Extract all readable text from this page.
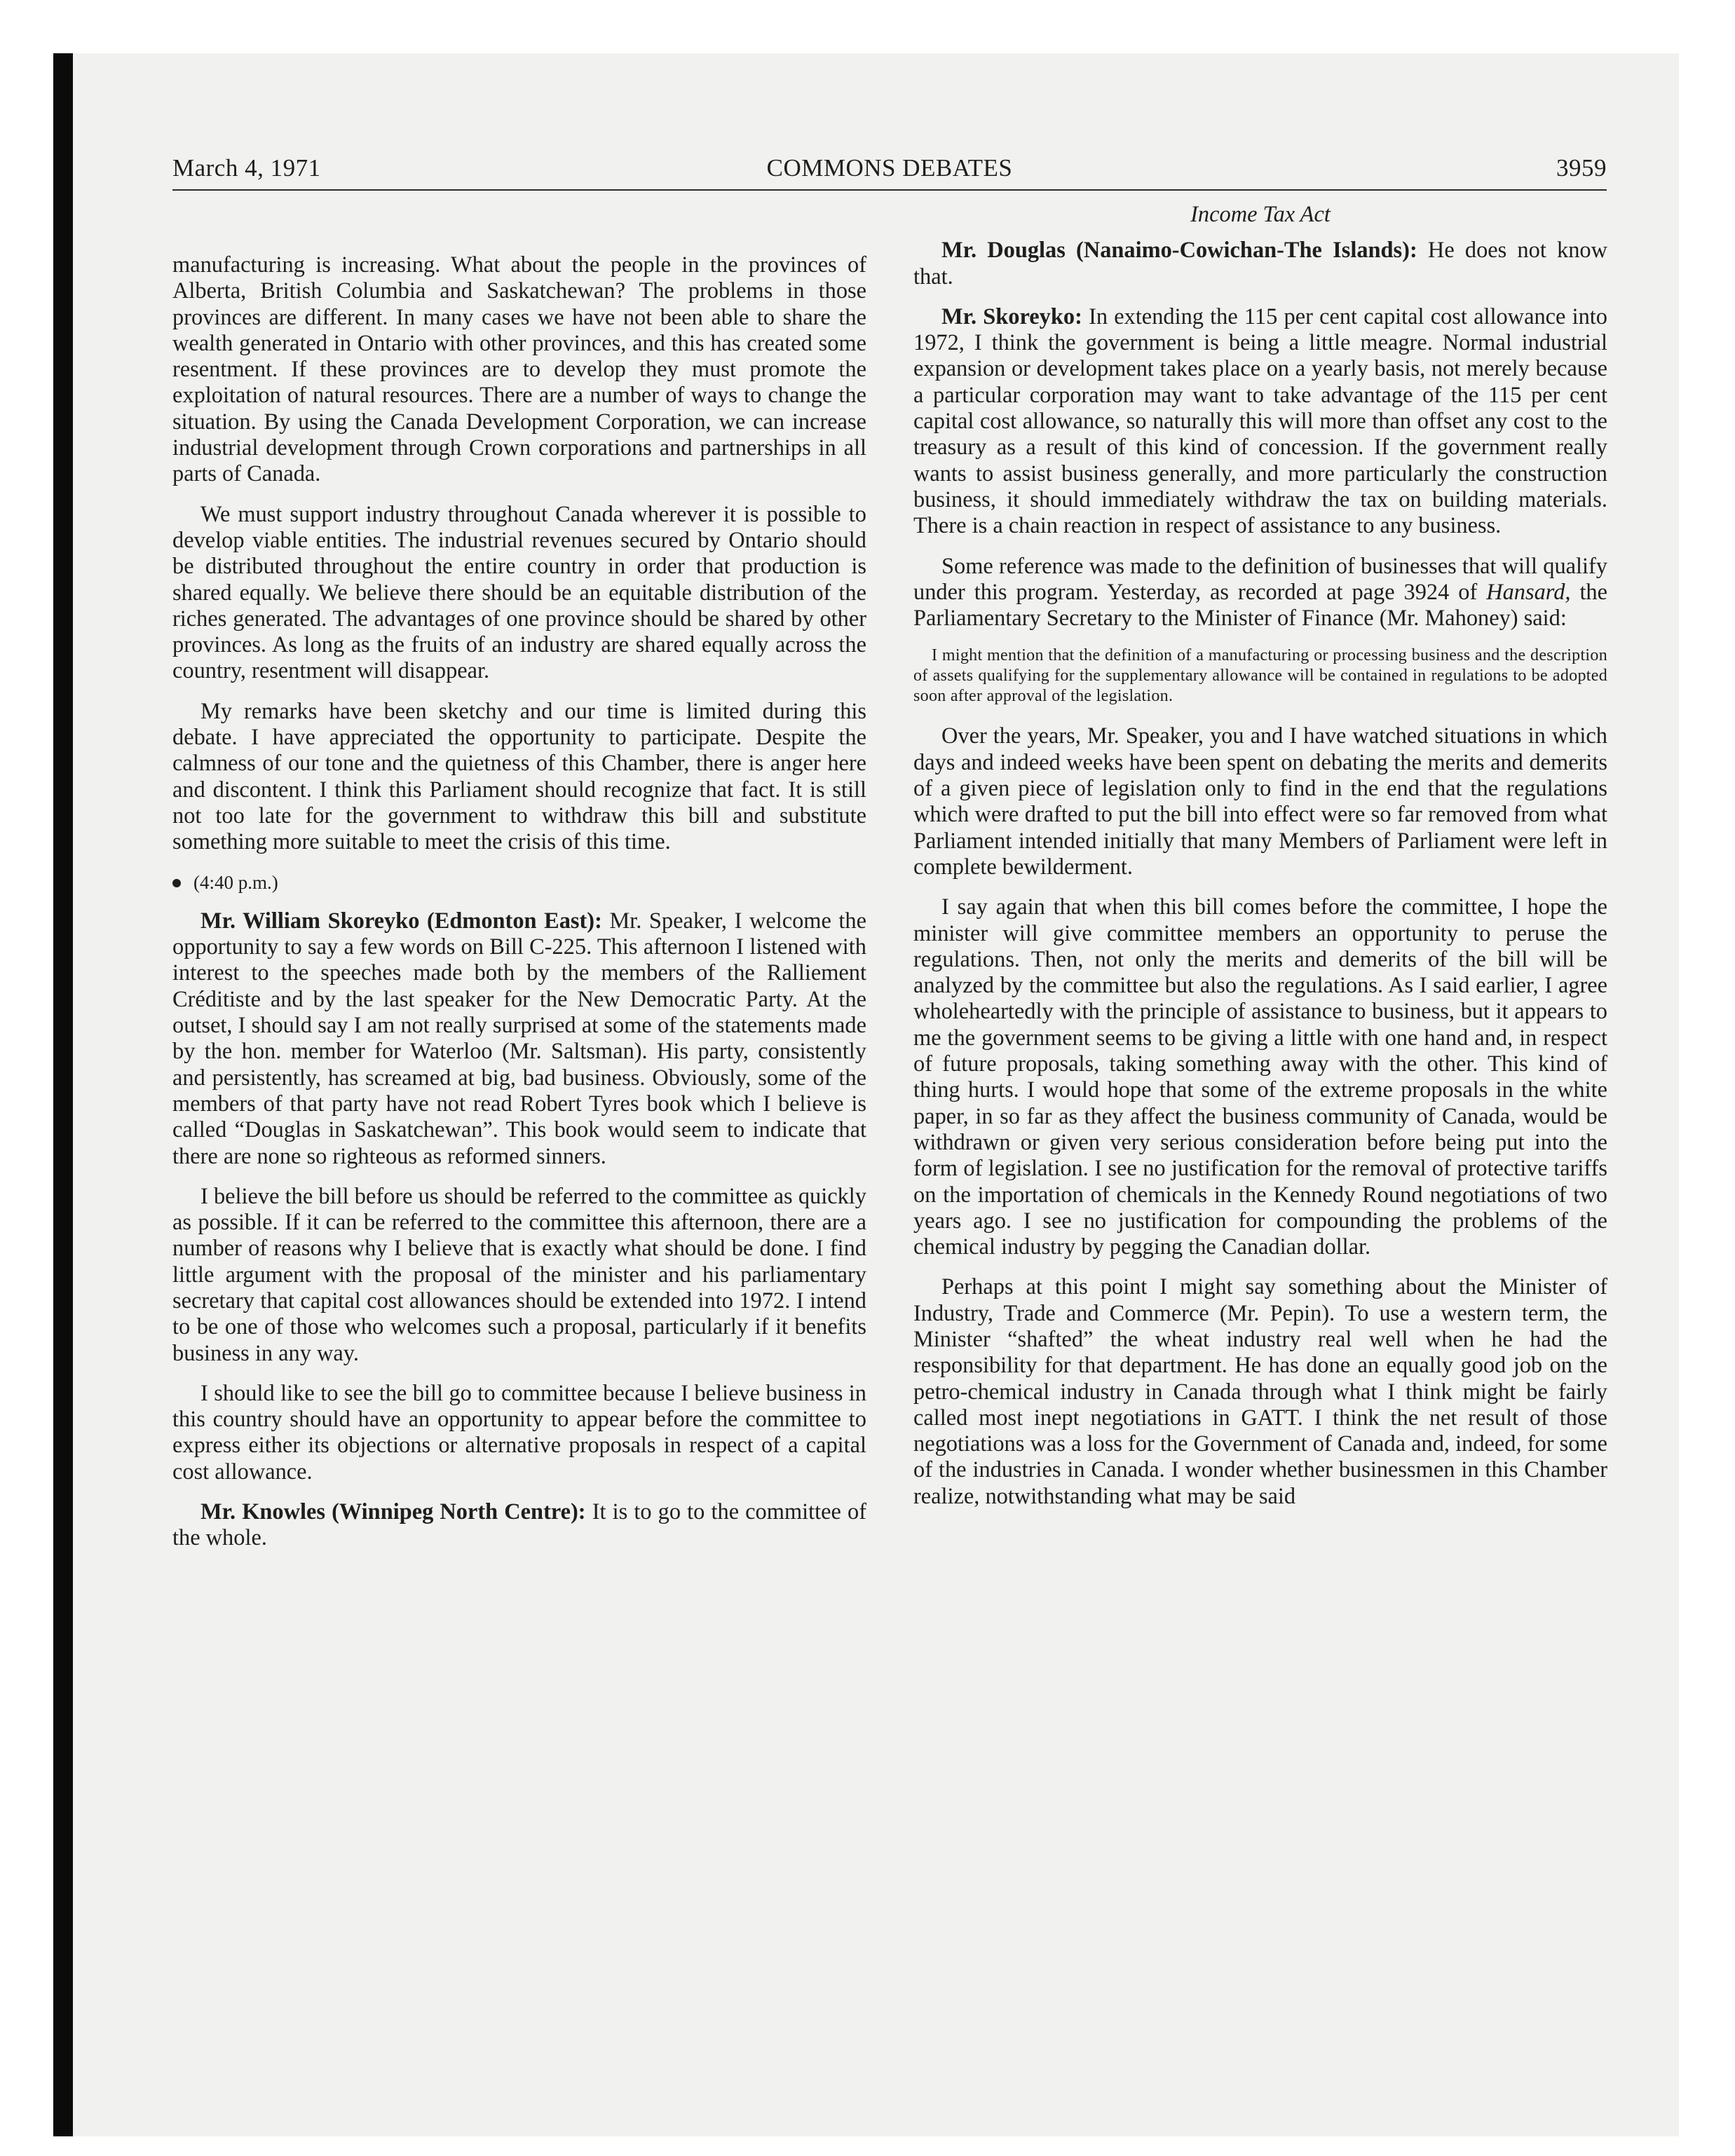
March 4, 1971	COMMONS DEBATES	3959

manufacturing is increasing. What about the people in the provinces of Alberta, British Columbia and Saskatchewan? The problems in those provinces are different. In many cases we have not been able to share the wealth generated in Ontario with other provinces, and this has created some resentment. If these provinces are to develop they must promote the exploitation of natural resources. There are a number of ways to change the situation. By using the Canada Development Corporation, we can increase industrial development through Crown corporations and partnerships in all parts of Canada.

We must support industry throughout Canada wherever it is possible to develop viable entities. The industrial revenues secured by Ontario should be distributed throughout the entire country in order that production is shared equally. We believe there should be an equitable distribution of the riches generated. The advantages of one province should be shared by other provinces. As long as the fruits of an industry are shared equally across the country, resentment will disappear.

My remarks have been sketchy and our time is limited during this debate. I have appreciated the opportunity to participate. Despite the calmness of our tone and the quietness of this Chamber, there is anger here and discontent. I think this Parliament should recognize that fact. It is still not too late for the government to withdraw this bill and substitute something more suitable to meet the crisis of this time.

(4:40 p.m.)

Mr. William Skoreyko (Edmonton East): Mr. Speaker, I welcome the opportunity to say a few words on Bill C-225. This afternoon I listened with interest to the speeches made both by the members of the Ralliement Créditiste and by the last speaker for the New Democratic Party. At the outset, I should say I am not really surprised at some of the statements made by the hon. member for Waterloo (Mr. Saltsman). His party, consistently and persistently, has screamed at big, bad business. Obviously, some of the members of that party have not read Robert Tyres book which I believe is called “Douglas in Saskatchewan”. This book would seem to indicate that there are none so righteous as reformed sinners.

I believe the bill before us should be referred to the committee as quickly as possible. If it can be referred to the committee this afternoon, there are a number of reasons why I believe that is exactly what should be done. I find little argument with the proposal of the minister and his parliamentary secretary that capital cost allowances should be extended into 1972. I intend to be one of those who welcomes such a proposal, particularly if it benefits business in any way.

I should like to see the bill go to committee because I believe business in this country should have an opportunity to appear before the committee to express either its objections or alternative proposals in respect of a capital cost allowance.

Mr. Knowles (Winnipeg North Centre): It is to go to the committee of the whole.

Income Tax Act

Mr. Douglas (Nanaimo-Cowichan-The Islands): He does not know that.

Mr. Skoreyko: In extending the 115 per cent capital cost allowance into 1972, I think the government is being a little meagre. Normal industrial expansion or development takes place on a yearly basis, not merely because a particular corporation may want to take advantage of the 115 per cent capital cost allowance, so naturally this will more than offset any cost to the treasury as a result of this kind of concession. If the government really wants to assist business generally, and more particularly the construction business, it should immediately withdraw the tax on building materials. There is a chain reaction in respect of assistance to any business.

Some reference was made to the definition of businesses that will qualify under this program. Yesterday, as recorded at page 3924 of Hansard, the Parliamentary Secretary to the Minister of Finance (Mr. Mahoney) said:

I might mention that the definition of a manufacturing or processing business and the description of assets qualifying for the supplementary allowance will be contained in regulations to be adopted soon after approval of the legislation.

Over the years, Mr. Speaker, you and I have watched situations in which days and indeed weeks have been spent on debating the merits and demerits of a given piece of legislation only to find in the end that the regulations which were drafted to put the bill into effect were so far removed from what Parliament intended initially that many Members of Parliament were left in complete bewilderment.

I say again that when this bill comes before the committee, I hope the minister will give committee members an opportunity to peruse the regulations. Then, not only the merits and demerits of the bill will be analyzed by the committee but also the regulations. As I said earlier, I agree wholeheartedly with the principle of assistance to business, but it appears to me the government seems to be giving a little with one hand and, in respect of future proposals, taking something away with the other. This kind of thing hurts. I would hope that some of the extreme proposals in the white paper, in so far as they affect the business community of Canada, would be withdrawn or given very serious consideration before being put into the form of legislation. I see no justification for the removal of protective tariffs on the importation of chemicals in the Kennedy Round negotiations of two years ago. I see no justification for compounding the problems of the chemical industry by pegging the Canadian dollar.

Perhaps at this point I might say something about the Minister of Industry, Trade and Commerce (Mr. Pepin). To use a western term, the Minister “shafted” the wheat industry real well when he had the responsibility for that department. He has done an equally good job on the petro-chemical industry in Canada through what I think might be fairly called most inept negotiations in GATT. I think the net result of those negotiations was a loss for the Government of Canada and, indeed, for some of the industries in Canada. I wonder whether businessmen in this Chamber realize, notwithstanding what may be said
